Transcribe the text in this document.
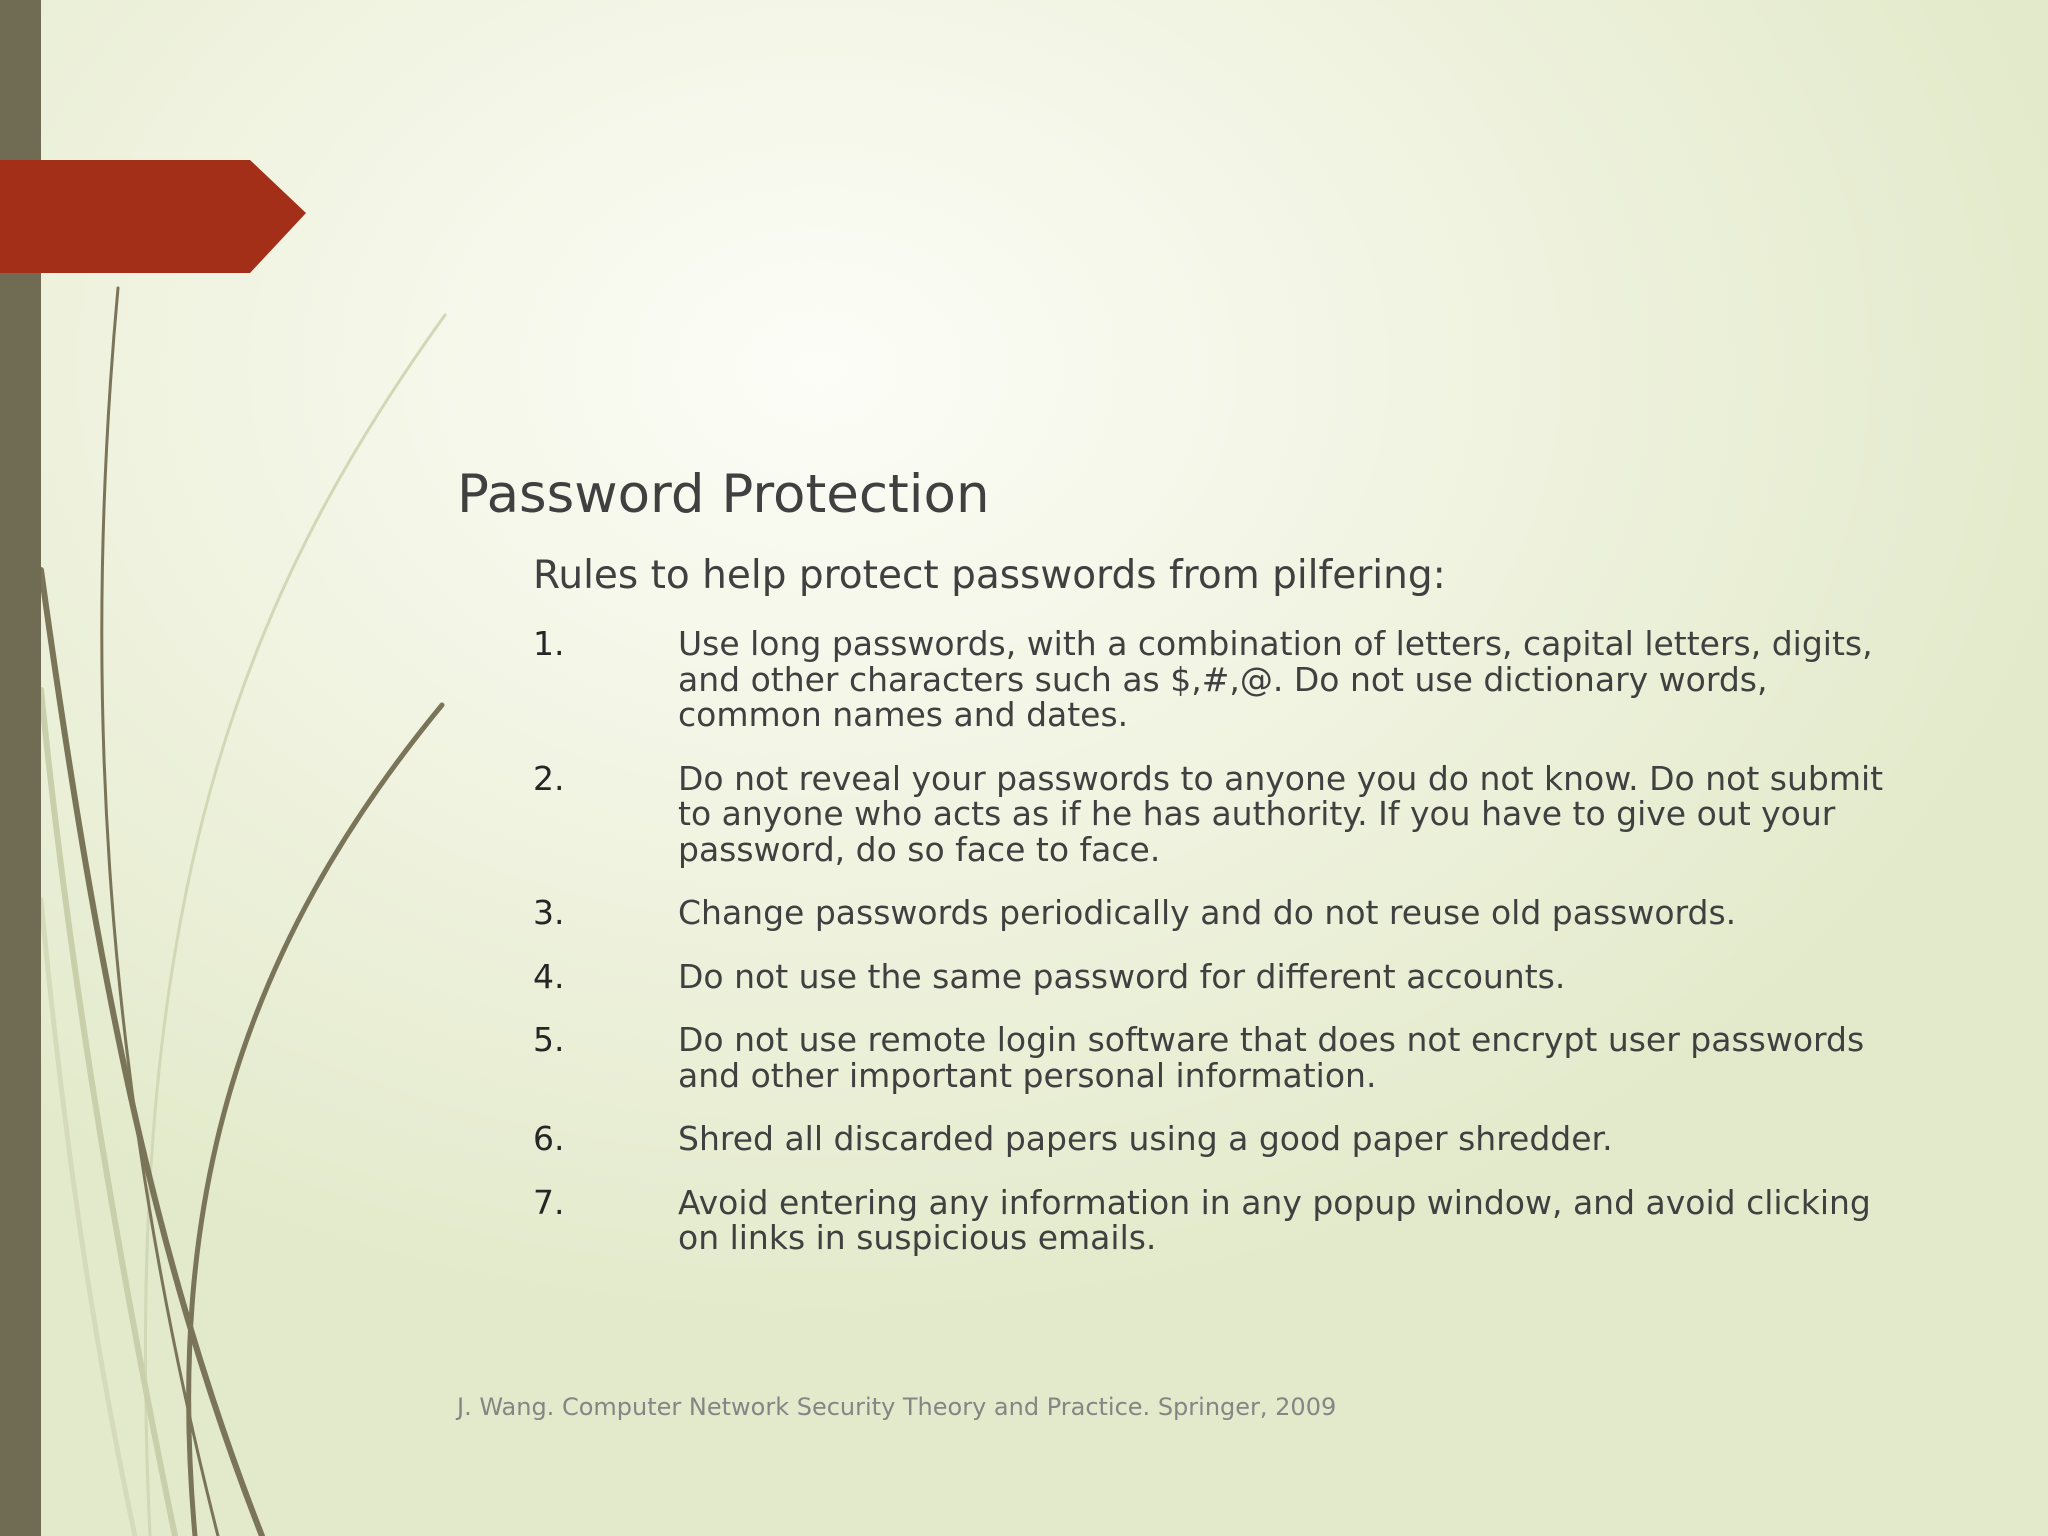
Password Protection

Rules to help protect passwords from pilfering:

1.	Use long passwords, with a combination of letters, capital letters, digits, and other characters such as $,#,@. Do not use dictionary words, common names and dates.
2.	Do not reveal your passwords to anyone you do not know. Do not submit to anyone who acts as if he has authority. If you have to give out your password, do so face to face.
3.	Change passwords periodically and do not reuse old passwords.
4.	Do not use the same password for different accounts.
5.	Do not use remote login software that does not encrypt user passwords and other important personal information.
6.	Shred all discarded papers using a good paper shredder.
7.	Avoid entering any information in any popup window, and avoid clicking on links in suspicious emails.
J. Wang. Computer Network Security Theory and Practice. Springer, 2009
